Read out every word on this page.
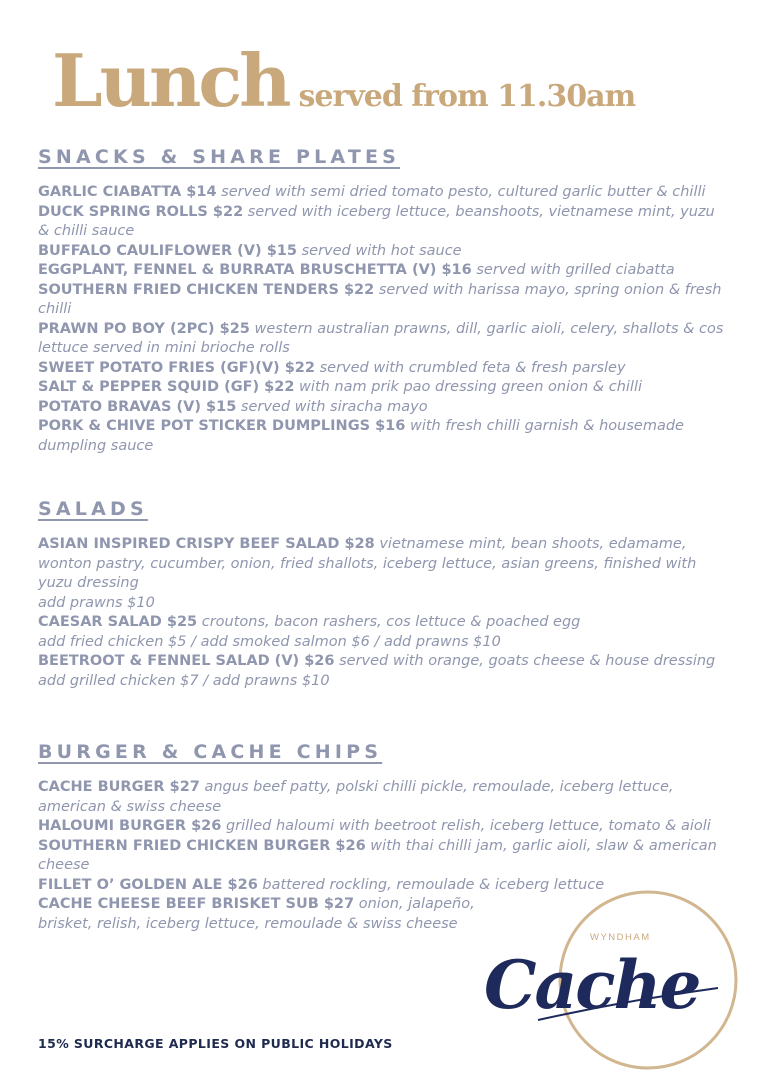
Lunch served from 11.30am
SNACKS & SHARE PLATES

GARLIC CIABATTA $14 served with semi dried tomato pesto, cultured garlic butter & chilli

DUCK SPRING ROLLS $22 served with iceberg lettuce, beanshoots, vietnamese mint, yuzu & chilli sauce

BUFFALO CAULIFLOWER (V) $15 served with hot sauce

EGGPLANT, FENNEL & BURRATA BRUSCHETTA (V) $16 served with grilled ciabatta

SOUTHERN FRIED CHICKEN TENDERS $22 served with harissa mayo, spring onion & fresh chilli

PRAWN PO BOY (2PC) $25 western australian prawns, dill, garlic aioli, celery, shallots & cos lettuce served in mini brioche rolls

SWEET POTATO FRIES (GF)(V) $22 served with crumbled feta & fresh parsley

SALT & PEPPER SQUID (GF) $22 with nam prik pao dressing green onion & chilli

POTATO BRAVAS (V) $15 served with siracha mayo

PORK & CHIVE POT STICKER DUMPLINGS $16 with fresh chilli garnish & housemade dumpling sauce

SALADS

ASIAN INSPIRED CRISPY BEEF SALAD $28 vietnamese mint, bean shoots, edamame, wonton pastry, cucumber, onion, fried shallots, iceberg lettuce, asian greens, finished with yuzu dressing

add prawns $10

CAESAR SALAD $25 croutons, bacon rashers, cos lettuce & poached egg

add fried chicken $5 / add smoked salmon $6 / add prawns $10

BEETROOT & FENNEL SALAD (V) $26 served with orange, goats cheese & house dressing

add grilled chicken $7 / add prawns $10

BURGER & CACHE CHIPS

CACHE BURGER $27 angus beef patty, polski chilli pickle, remoulade, iceberg lettuce, american & swiss cheese

HALOUMI BURGER $26 grilled haloumi with beetroot relish, iceberg lettuce, tomato & aioli

SOUTHERN FRIED CHICKEN BURGER $26 with thai chilli jam, garlic aioli, slaw & american cheese

FILLET O’ GOLDEN ALE $26 battered rockling, remoulade & iceberg lettuce

CACHE CHEESE BEEF BRISKET SUB $27 onion, jalapeño, brisket, relish, iceberg lettuce, remoulade & swiss cheese

15% SURCHARGE APPLIES ON PUBLIC HOLIDAYS
WYNDHAM
Cache
